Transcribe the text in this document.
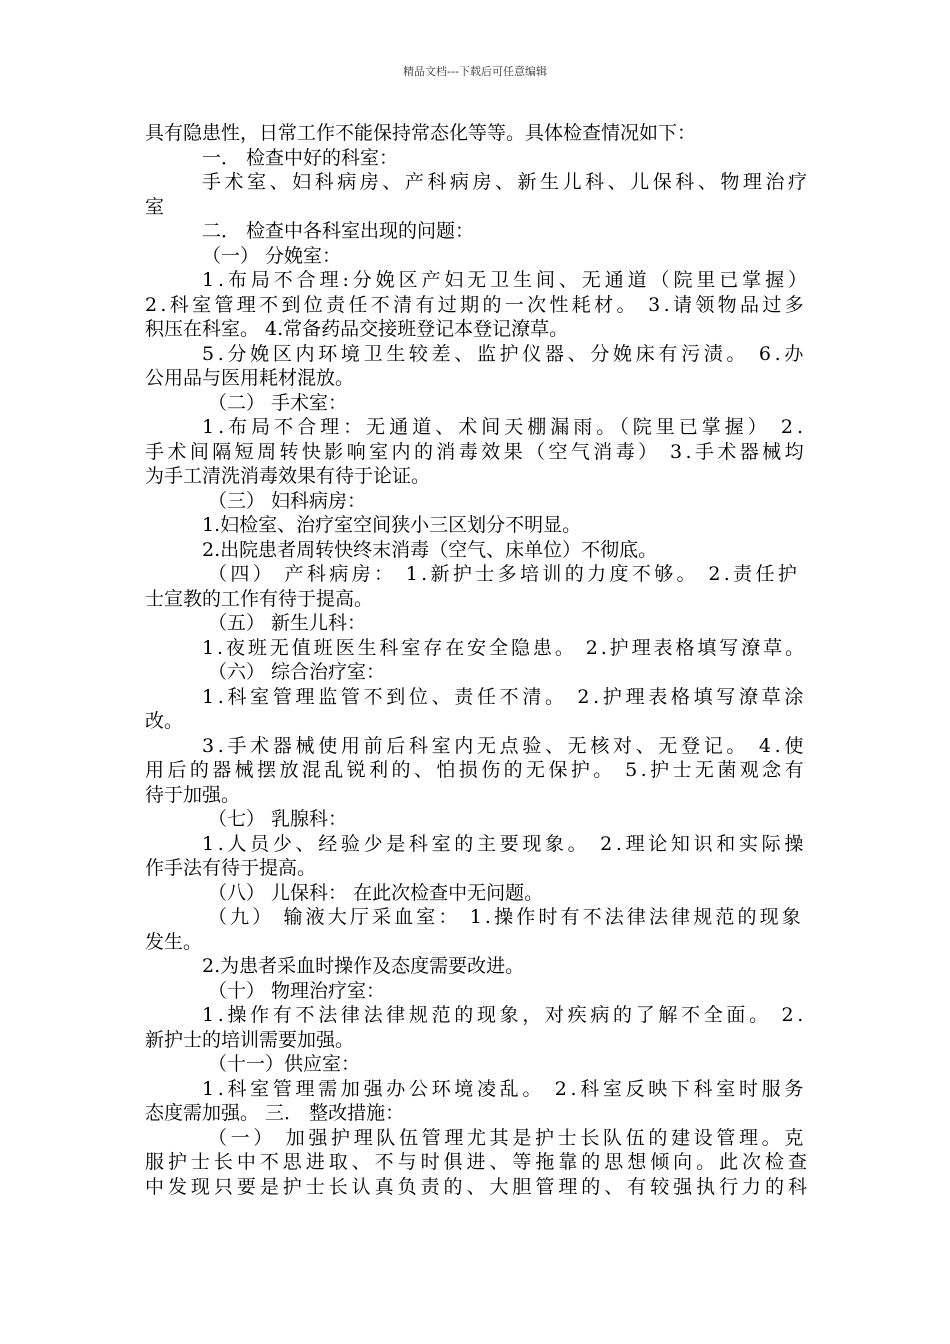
精品文档---下载后可任意编辑
具有隐患性，日常工作不能保持常态化等等。具体检查情况如下：
一． 检查中好的科室：
手术室、妇科病房、产科病房、新生儿科、儿保科、物理治疗
室
二． 检查中各科室出现的问题：
（一） 分娩室：
1.布局不合理:分娩区产妇无卫生间、无通道（院里已掌握）
2.科室管理不到位责任不清有过期的一次性耗材。 3.请领物品过多
积压在科室。 4.常备药品交接班登记本登记潦草。
5.分娩区内环境卫生较差、监护仪器、分娩床有污渍。 6.办
公用品与医用耗材混放。
（二） 手术室：
1.布局不合理：无通道、术间天棚漏雨。（院里已掌握） 2.
手术间隔短周转快影响室内的消毒效果（空气消毒） 3.手术器械均
为手工清洗消毒效果有待于论证。
（三） 妇科病房：
1.妇检室、治疗室空间狭小三区划分不明显。
2.出院患者周转快终末消毒（空气、床单位）不彻底。
（四） 产科病房： 1.新护士多培训的力度不够。 2.责任护
士宣教的工作有待于提高。
（五） 新生儿科：
1.夜班无值班医生科室存在安全隐患。 2.护理表格填写潦草。
（六） 综合治疗室：
1.科室管理监管不到位、责任不清。 2.护理表格填写潦草涂
改。
3.手术器械使用前后科室内无点验、无核对、无登记。 4.使
用后的器械摆放混乱锐利的、怕损伤的无保护。 5.护士无菌观念有
待于加强。
（七） 乳腺科：
1.人员少、经验少是科室的主要现象。 2.理论知识和实际操
作手法有待于提高。
（八） 儿保科： 在此次检查中无问题。
（九） 输液大厅采血室： 1.操作时有不法律法律规范的现象
发生。
2.为患者采血时操作及态度需要改进。
（十） 物理治疗室：
1.操作有不法律法律规范的现象，对疾病的了解不全面。 2.
新护士的培训需要加强。
（十一）供应室：
1.科室管理需加强办公环境凌乱。 2.科室反映下科室时服务
态度需加强。 三． 整改措施：
（一） 加强护理队伍管理尤其是护士长队伍的建设管理。克
服护士长中不思进取、不与时俱进、等拖靠的思想倾向。此次检查
中发现只要是护士长认真负责的、大胆管理的、有较强执行力的科
